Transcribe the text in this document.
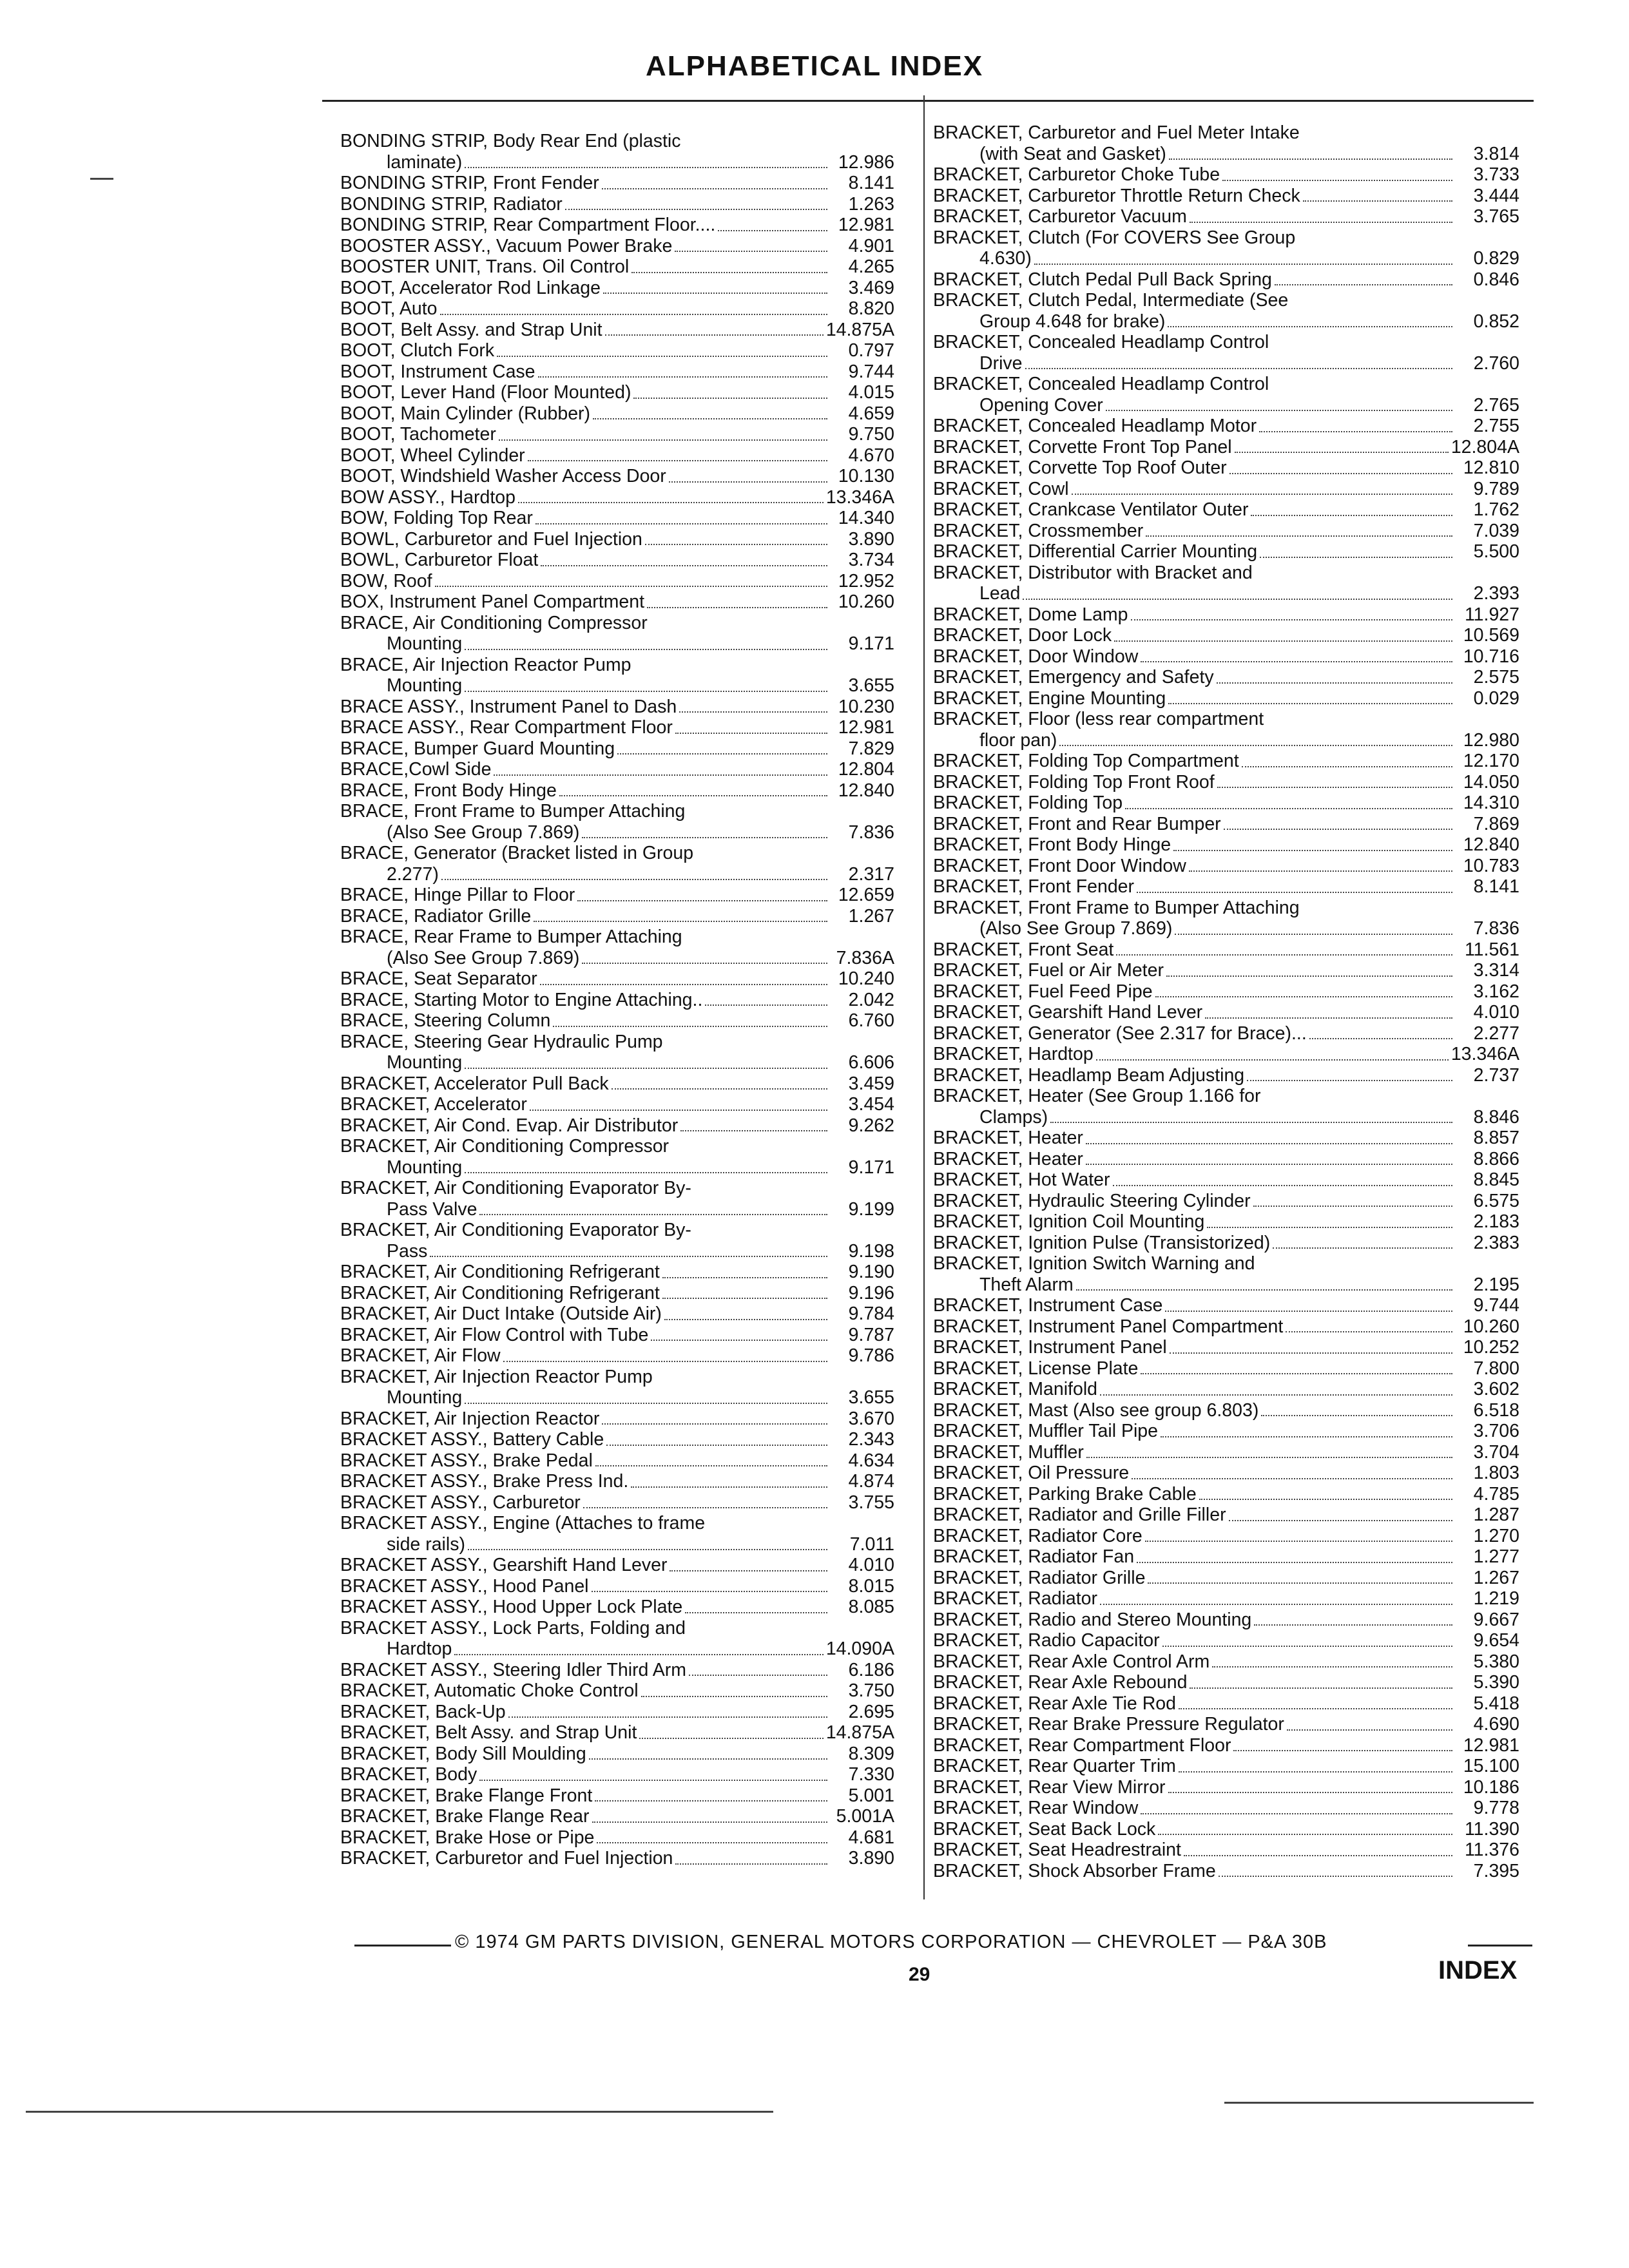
ALPHABETICAL INDEX
BONDING STRIP, Body Rear End (plastic
laminate)	12.986
BONDING STRIP, Front Fender	8.141
BONDING STRIP, Radiator	1.263
BONDING STRIP, Rear Compartment Floor....	12.981
BOOSTER ASSY., Vacuum Power Brake	4.901
BOOSTER UNIT, Trans. Oil Control	4.265
BOOT, Accelerator Rod Linkage	3.469
BOOT, Auto	8.820
BOOT, Belt Assy. and Strap Unit	14.875A
BOOT, Clutch Fork	0.797
BOOT, Instrument Case	9.744
BOOT, Lever Hand (Floor Mounted)	4.015
BOOT, Main Cylinder (Rubber)	4.659
BOOT, Tachometer	9.750
BOOT, Wheel Cylinder	4.670
BOOT, Windshield Washer Access Door	10.130
BOW ASSY., Hardtop	13.346A
BOW, Folding Top Rear	14.340
BOWL, Carburetor and Fuel Injection	3.890
BOWL, Carburetor Float	3.734
BOW, Roof	12.952
BOX, Instrument Panel Compartment	10.260
BRACE, Air Conditioning Compressor
Mounting	9.171
BRACE, Air Injection Reactor Pump
Mounting	3.655
BRACE ASSY., Instrument Panel to Dash	10.230
BRACE ASSY., Rear Compartment Floor	12.981
BRACE, Bumper Guard Mounting	7.829
BRACE,Cowl Side	12.804
BRACE, Front Body Hinge	12.840
BRACE, Front Frame to Bumper Attaching
(Also See Group 7.869)	7.836
BRACE, Generator (Bracket listed in Group
2.277)	2.317
BRACE, Hinge Pillar to Floor	12.659
BRACE, Radiator Grille	1.267
BRACE, Rear Frame to Bumper Attaching
(Also See Group 7.869)	7.836A
BRACE, Seat Separator	10.240
BRACE, Starting Motor to Engine Attaching..	2.042
BRACE, Steering Column	6.760
BRACE, Steering Gear Hydraulic Pump
Mounting	6.606
BRACKET, Accelerator Pull Back	3.459
BRACKET, Accelerator	3.454
BRACKET, Air Cond. Evap. Air Distributor	9.262
BRACKET, Air Conditioning Compressor
Mounting	9.171
BRACKET, Air Conditioning Evaporator By-
Pass Valve	9.199
BRACKET, Air Conditioning Evaporator By-
Pass	9.198
BRACKET, Air Conditioning Refrigerant	9.190
BRACKET, Air Conditioning Refrigerant	9.196
BRACKET, Air Duct Intake (Outside Air)	9.784
BRACKET, Air Flow Control with Tube	9.787
BRACKET, Air Flow	9.786
BRACKET, Air Injection Reactor Pump
Mounting	3.655
BRACKET, Air Injection Reactor	3.670
BRACKET ASSY., Battery Cable	2.343
BRACKET ASSY., Brake Pedal	4.634
BRACKET ASSY., Brake Press Ind.	4.874
BRACKET ASSY., Carburetor	3.755
BRACKET ASSY., Engine (Attaches to frame
side rails)	7.011
BRACKET ASSY., Gearshift Hand Lever	4.010
BRACKET ASSY., Hood Panel	8.015
BRACKET ASSY., Hood Upper Lock Plate	8.085
BRACKET ASSY., Lock Parts, Folding and
Hardtop	14.090A
BRACKET ASSY., Steering Idler Third Arm	6.186
BRACKET, Automatic Choke Control	3.750
BRACKET, Back-Up	2.695
BRACKET, Belt Assy. and Strap Unit	14.875A
BRACKET, Body Sill Moulding	8.309
BRACKET, Body	7.330
BRACKET, Brake Flange Front	5.001
BRACKET, Brake Flange Rear	5.001A
BRACKET, Brake Hose or Pipe	4.681
BRACKET, Carburetor and Fuel Injection	3.890
BRACKET, Carburetor and Fuel Meter Intake
(with Seat and Gasket)	3.814
BRACKET, Carburetor Choke Tube	3.733
BRACKET, Carburetor Throttle Return Check	3.444
BRACKET, Carburetor Vacuum	3.765
BRACKET, Clutch (For COVERS See Group
4.630)	0.829
BRACKET, Clutch Pedal Pull Back Spring	0.846
BRACKET, Clutch Pedal, Intermediate (See
Group 4.648 for brake)	0.852
BRACKET, Concealed Headlamp Control
Drive	2.760
BRACKET, Concealed Headlamp Control
Opening Cover	2.765
BRACKET, Concealed Headlamp Motor	2.755
BRACKET, Corvette Front Top Panel	12.804A
BRACKET, Corvette Top Roof Outer	12.810
BRACKET, Cowl	9.789
BRACKET, Crankcase Ventilator Outer	1.762
BRACKET, Crossmember	7.039
BRACKET, Differential Carrier Mounting	5.500
BRACKET, Distributor with Bracket and
Lead	2.393
BRACKET, Dome Lamp	11.927
BRACKET, Door Lock	10.569
BRACKET, Door Window	10.716
BRACKET, Emergency and Safety	2.575
BRACKET, Engine Mounting	0.029
BRACKET, Floor (less rear compartment
floor pan)	12.980
BRACKET, Folding Top Compartment	12.170
BRACKET, Folding Top Front Roof	14.050
BRACKET, Folding Top	14.310
BRACKET, Front and Rear Bumper	7.869
BRACKET, Front Body Hinge	12.840
BRACKET, Front Door Window	10.783
BRACKET, Front Fender	8.141
BRACKET, Front Frame to Bumper Attaching
(Also See Group 7.869)	7.836
BRACKET, Front Seat	11.561
BRACKET, Fuel or Air Meter	3.314
BRACKET, Fuel Feed Pipe	3.162
BRACKET, Gearshift Hand Lever	4.010
BRACKET, Generator (See 2.317 for Brace)...	2.277
BRACKET, Hardtop	13.346A
BRACKET, Headlamp Beam Adjusting	2.737
BRACKET, Heater (See Group 1.166 for
Clamps)	8.846
BRACKET, Heater	8.857
BRACKET, Heater	8.866
BRACKET, Hot Water	8.845
BRACKET, Hydraulic Steering Cylinder	6.575
BRACKET, Ignition Coil Mounting	2.183
BRACKET, Ignition Pulse (Transistorized)	2.383
BRACKET, Ignition Switch Warning and
Theft Alarm	2.195
BRACKET, Instrument Case	9.744
BRACKET, Instrument Panel Compartment	10.260
BRACKET, Instrument Panel	10.252
BRACKET, License Plate	7.800
BRACKET, Manifold	3.602
BRACKET, Mast (Also see group 6.803)	6.518
BRACKET, Muffler Tail Pipe	3.706
BRACKET, Muffler	3.704
BRACKET, Oil Pressure	1.803
BRACKET, Parking Brake Cable	4.785
BRACKET, Radiator and Grille Filler	1.287
BRACKET, Radiator Core	1.270
BRACKET, Radiator Fan	1.277
BRACKET, Radiator Grille	1.267
BRACKET, Radiator	1.219
BRACKET, Radio and Stereo Mounting	9.667
BRACKET, Radio Capacitor	9.654
BRACKET, Rear Axle Control Arm	5.380
BRACKET, Rear Axle Rebound	5.390
BRACKET, Rear Axle Tie Rod	5.418
BRACKET, Rear Brake Pressure Regulator	4.690
BRACKET, Rear Compartment Floor	12.981
BRACKET, Rear Quarter Trim	15.100
BRACKET, Rear View Mirror	10.186
BRACKET, Rear Window	9.778
BRACKET, Seat Back Lock	11.390
BRACKET, Seat Headrestraint	11.376
BRACKET, Shock Absorber Frame	7.395
© 1974 GM PARTS DIVISION, GENERAL MOTORS CORPORATION — CHEVROLET — P&A 30B
29	INDEX
